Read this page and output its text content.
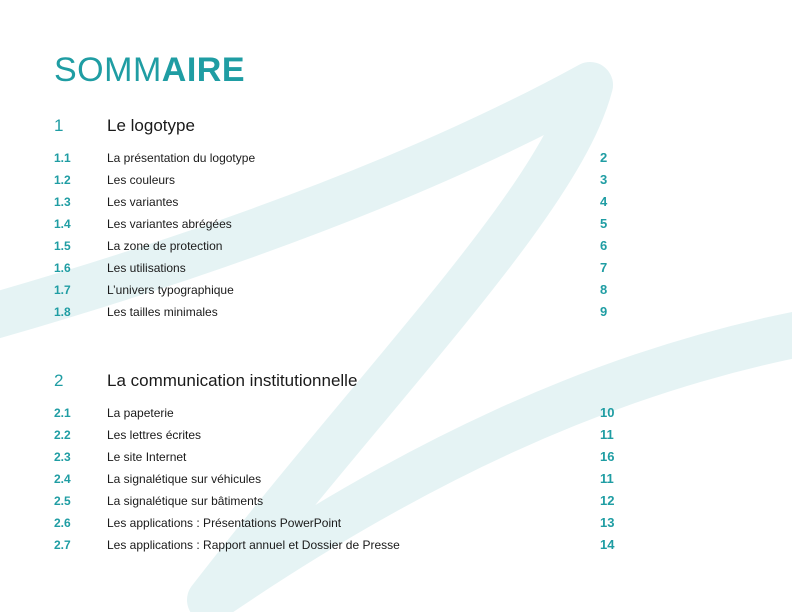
SOMMAIRE
1	Le logotype
1.1	La présentation du logotype	2
1.2	Les couleurs	3
1.3	Les variantes	4
1.4	Les variantes abrégées	5
1.5	La zone de protection	6
1.6	Les utilisations	7
1.7	L’univers typographique	8
1.8	Les tailles minimales	9
2	La communication institutionnelle
2.1	La papeterie	10
2.2	Les lettres écrites	11
2.3	Le site Internet	16
2.4	La signalétique sur véhicules	11
2.5	La signalétique sur bâtiments	12
2.6	Les applications : Présentations PowerPoint	13
2.7	Les applications : Rapport annuel et Dossier de Presse	14
